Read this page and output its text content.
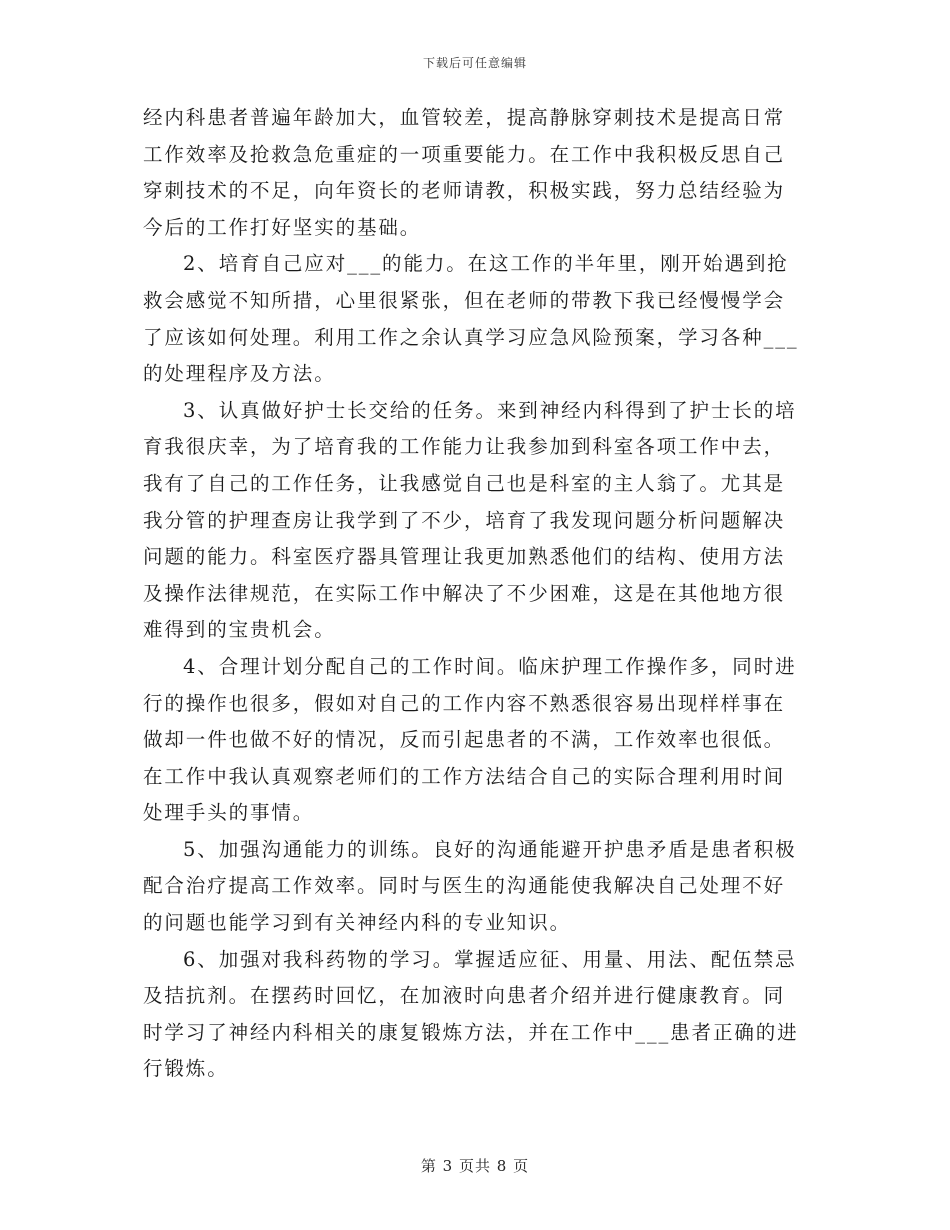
下载后可任意编辑
经内科患者普遍年龄加大，血管较差，提高静脉穿刺技术是提高日常
工作效率及抢救急危重症的一项重要能力。在工作中我积极反思自己
穿刺技术的不足，向年资长的老师请教，积极实践，努力总结经验为
今后的工作打好坚实的基础。
2、培育自己应对___的能力。在这工作的半年里，刚开始遇到抢
救会感觉不知所措，心里很紧张，但在老师的带教下我已经慢慢学会
了应该如何处理。利用工作之余认真学习应急风险预案，学习各种___
的处理程序及方法。
3、认真做好护士长交给的任务。来到神经内科得到了护士长的培
育我很庆幸，为了培育我的工作能力让我参加到科室各项工作中去，
我有了自己的工作任务，让我感觉自己也是科室的主人翁了。尤其是
我分管的护理查房让我学到了不少，培育了我发现问题分析问题解决
问题的能力。科室医疗器具管理让我更加熟悉他们的结构、使用方法
及操作法律规范，在实际工作中解决了不少困难，这是在其他地方很
难得到的宝贵机会。
4、合理计划分配自己的工作时间。临床护理工作操作多，同时进
行的操作也很多，假如对自己的工作内容不熟悉很容易出现样样事在
做却一件也做不好的情况，反而引起患者的不满，工作效率也很低。
在工作中我认真观察老师们的工作方法结合自己的实际合理利用时间
处理手头的事情。
5、加强沟通能力的训练。良好的沟通能避开护患矛盾是患者积极
配合治疗提高工作效率。同时与医生的沟通能使我解决自己处理不好
的问题也能学习到有关神经内科的专业知识。
6、加强对我科药物的学习。掌握适应征、用量、用法、配伍禁忌
及拮抗剂。在摆药时回忆，在加液时向患者介绍并进行健康教育。同
时学习了神经内科相关的康复锻炼方法，并在工作中___患者正确的进
行锻炼。
第 3 页共 8 页
